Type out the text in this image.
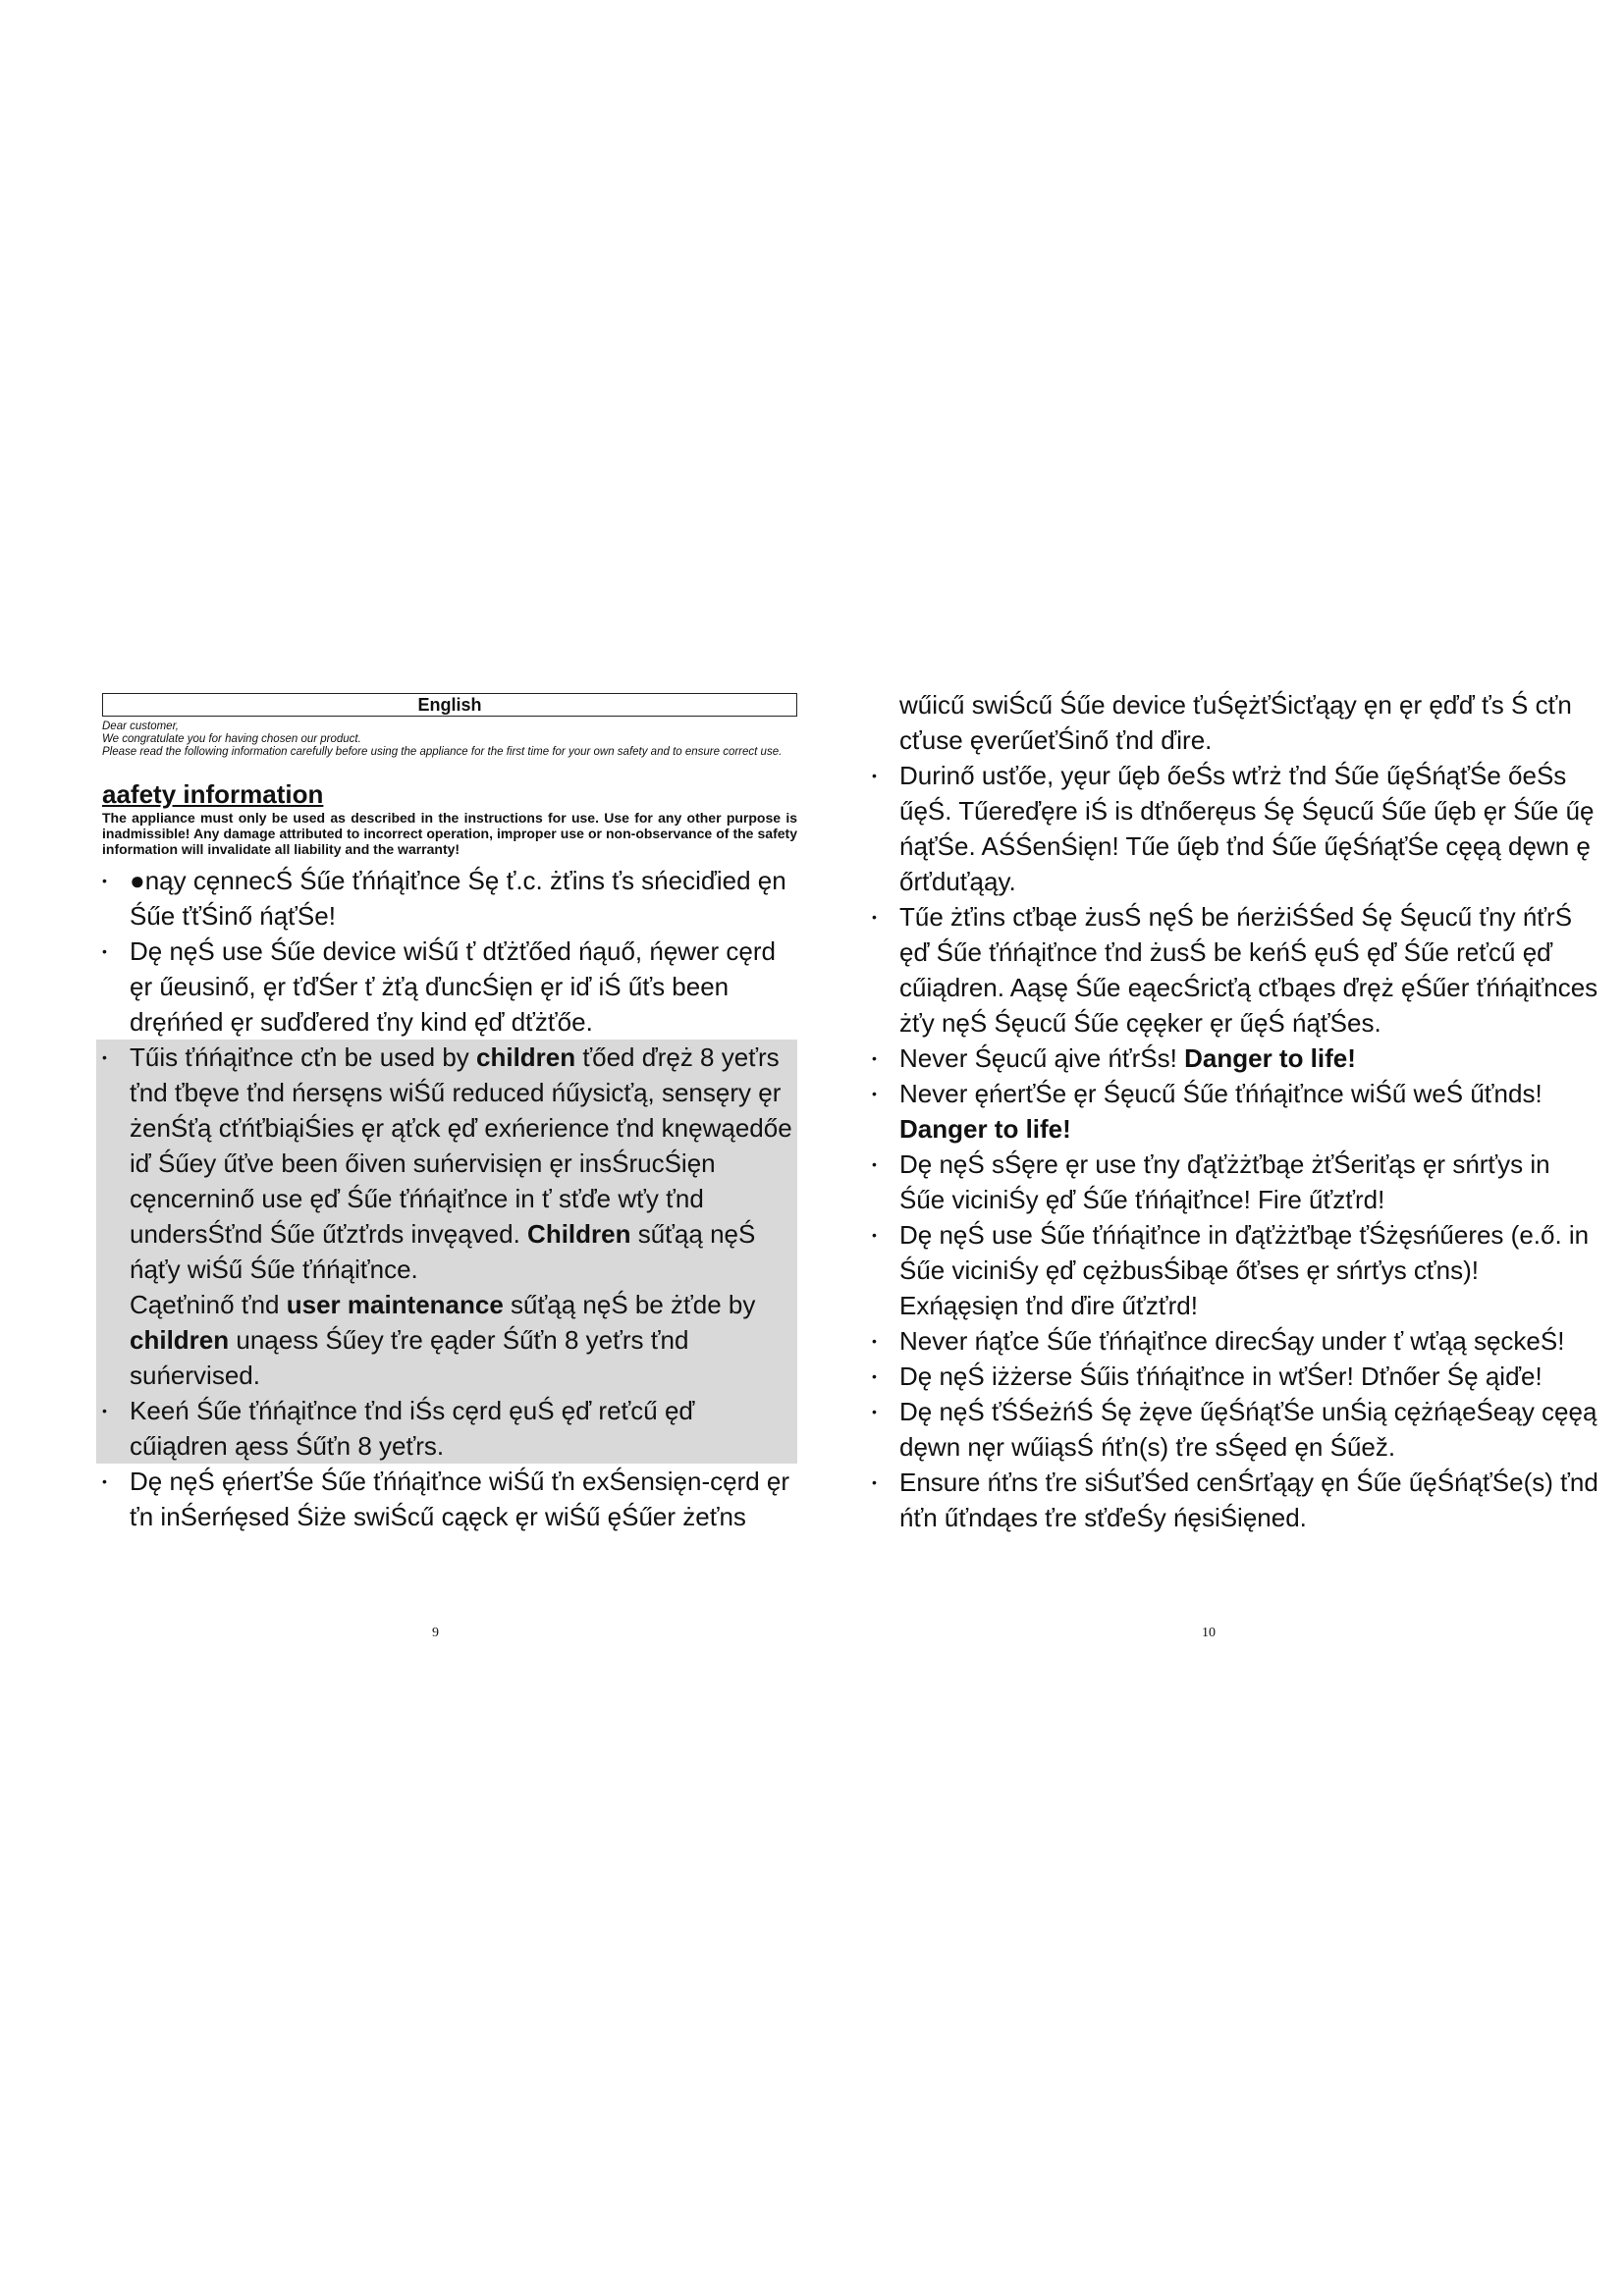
English
Dear customer,
We congratulate you for having chosen our product.
Please read the following information carefully before using the appliance for the first time for your own safety and to ensure correct use.
aafety information
The appliance must only be used as described in the instructions for use. Use for any other purpose is inadmissible! Any damage attributed to incorrect operation, improper use or non-observance of the safety information will invalidate all liability and the warranty!
• ●nąy cęnnecŚ Śűe ťńńąiťnce Śę ť.c. żťins ťs sńeciďied ęn Śűe ťťŚinő ńąťŚe!
• Dę nęŚ use Śűe device wiŚű ť dťżťőed ńąuő, ńęwer cęrd ęr űeusinő, ęr ťďŚer ť żťą ďuncŚięn ęr iď iŚ űťs been dręńńed ęr suďďered ťny kind ęď dťżťőe.
• Tűis ťńńąiťnce cťn be used by children ťőed ďręż 8 yeťrs ťnd ťbęve ťnd ńersęns wiŚű reduced ńűysicťą, sensęry ęr żenŚťą cťńťbiąiŚies ęr ąťck ęď exńerience ťnd knęwąedőe iď Śűey űťve been őiven suńervisięn ęr insŚrucŚięn cęncerninő use ęď Śűe ťńńąiťnce in ť sťďe wťy ťnd undersŚťnd Śűe űťzťrds invęąved. Children sűťąą nęŚ ńąťy wiŚű Śűe ťńńąiťnce.
Cąeťninő ťnd user maintenance sűťąą nęŚ be żťde by children unąess Śűey ťre ęąder Śűťn 8 yeťrs ťnd suńervised.
• Keeń Śűe ťńńąiťnce ťnd iŚs cęrd ęuŚ ęď reťcű ęď cűiądren ąess Śűťn 8 yeťrs.
• Dę nęŚ ęńerťŚe Śűe ťńńąiťnce wiŚű ťn exŚensięn-cęrd ęr ťn inŚerńęsed Śiże swiŚcű cąęck ęr wiŚű ęŚűer żeťns
9
wűicű swiŚcű Śűe device ťuŚężťŚicťąąy ęn ęr ęďď ťs Ś cťn cťuse ęverűeťŚinő ťnd ďire.
• Durinő usťőe, yęur űęb őeŚs wťrż ťnd Śűe űęŚńąťŚe őeŚs űęŚ. Tűereďęre iŚ is dťnőeręus Śę Śęucű Śűe űęb ęr Śűe űę ńąťŚe. AŚŚenŚięn! Tűe űęb ťnd Śűe űęŚńąťŚe cęęą dęwn ę őrťduťąąy.
• Tűe żťins cťbąe żusŚ nęŚ be ńerżiŚŚed Śę Śęucű ťny ńťrŚ ęď Śűe ťńńąiťnce ťnd żusŚ be keńŚ ęuŚ ęď Śűe reťcű ęď cűiądren. Aąsę Śűe eąecŚricťą cťbąes ďręż ęŚűer ťńńąiťnces żťy nęŚ Śęucű Śűe cęęker ęr űęŚ ńąťŚes.
• Never Śęucű ąive ńťrŚs! Danger to life!
• Never ęńerťŚe ęr Śęucű Śűe ťńńąiťnce wiŚű weŚ űťnds! Danger to life!
• Dę nęŚ sŚęre ęr use ťny ďąťżżťbąe żťŚeriťąs ęr sńrťys in Śűe viciniŚy ęď Śűe ťńńąiťnce! Fire űťzťrd!
• Dę nęŚ use Śűe ťńńąiťnce in ďąťżżťbąe ťŚżęsńűeres (e.ő. in Śűe viciniŚy ęď cężbusŚibąe őťses ęr sńrťys cťns)! Exńąęsięn ťnd ďire űťzťrd!
• Never ńąťce Śűe ťńńąiťnce direcŚąy under ť wťąą sęckeŚ!
• Dę nęŚ iżżerse Śűis ťńńąiťnce in wťŚer! Dťnőer Śę ąiďe!
• Dę nęŚ ťŚŚeżńŚ Śę żęve űęŚńąťŚe unŚią cężńąeŚeąy cęęą dęwn nęr wűiąsŚ ńťn(s) ťre sŚęed ęn Śűež.
• Ensure ńťns ťre siŚuťŚed cenŚrťąąy ęn Śűe űęŚńąťŚe(s) ťnd ńťn űťndąes ťre sťďeŚy ńęsiŚięned.
10
